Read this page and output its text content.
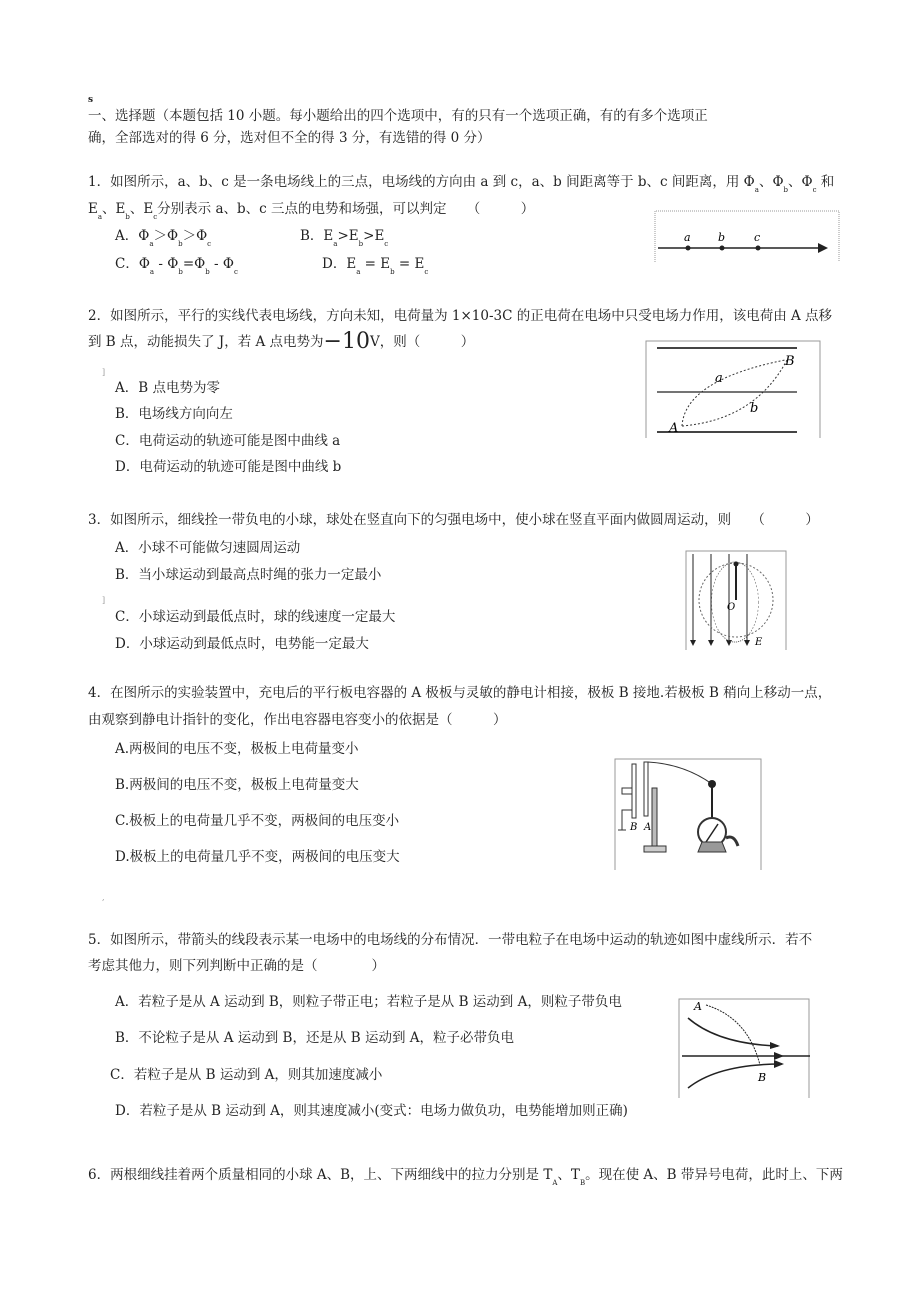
s
一、选择题（本题包括 10 小题。每小题给出的四个选项中，有的只有一个选项正确，有的有多个选项正
确，全部选对的得 6 分，选对但不全的得 3 分，有选错的得 0 分）
1．如图所示，a、b、c 是一条电场线上的三点，电场线的方向由 a 到 c，a、b 间距离等于 b、c 间距离，用 $\Phi_a$、$\Phi_b$、$\Phi_c$ 和
$E_a$、$E_b$、$E_c$分别表示 a、b、c 三点的电势和场强，可以判定　　（　　　）
A．$\Phi_a>\Phi_b>\Phi_c$	B．$E_a>E_b>E_c$
C．$\Phi_a - \Phi_b=\Phi_b - \Phi_c$	D．$E_a = E_b = E_c$
a b	c
2．如图所示，平行的实线代表电场线，方向未知，电荷量为 1×10-3C 的正电荷在电场中只受电场力作用，该电荷由 A 点移
到 B 点，动能损失了 J，若 A 点电势为−10V，则（　　　）
]
A．B 点电势为零
B．电场线方向向左
C．电荷运动的轨迹可能是图中曲线 a
D．电荷运动的轨迹可能是图中曲线 b
A
B
a
b
3．如图所示，细线拴一带负电的小球，球处在竖直向下的匀强电场中，使小球在竖直平面内做圆周运动，则　　（　　　）
A．小球不可能做匀速圆周运动
B．当小球运动到最高点时绳的张力一定最小
]
C．小球运动到最低点时，球的线速度一定最大
D．小球运动到最低点时，电势能一定最大
O
E
4．在图所示的实验装置中，充电后的平行板电容器的 A 极板与灵敏的静电计相接，极板 B 接地.若极板 B 稍向上移动一点，
由观察到静电计指针的变化，作出电容器电容变小的依据是（　　　）
A.两极间的电压不变，极板上电荷量变小
B.两极间的电压不变，极板上电荷量变大
C.极板上的电荷量几乎不变，两极间的电压变小
D.极板上的电荷量几乎不变，两极间的电压变大
,
B A
5．如图所示，带箭头的线段表示某一电场中的电场线的分布情况．一带电粒子在电场中运动的轨迹如图中虚线所示．若不
考虑其他力，则下列判断中正确的是（　　　　）
A．若粒子是从 A 运动到 B，则粒子带正电；若粒子是从 B 运动到 A，则粒子带负电
B．不论粒子是从 A 运动到 B，还是从 B 运动到 A，粒子必带负电
C．若粒子是从 B 运动到 A，则其加速度减小
D．若粒子是从 B 运动到 A，则其速度减小(变式：电场力做负功，电势能增加则正确)
A
B
6．两根细线挂着两个质量相同的小球 A、B，上、下两细线中的拉力分别是 $T_A$、$T_B$。现在使 A、B 带异号电荷，此时上、下两
